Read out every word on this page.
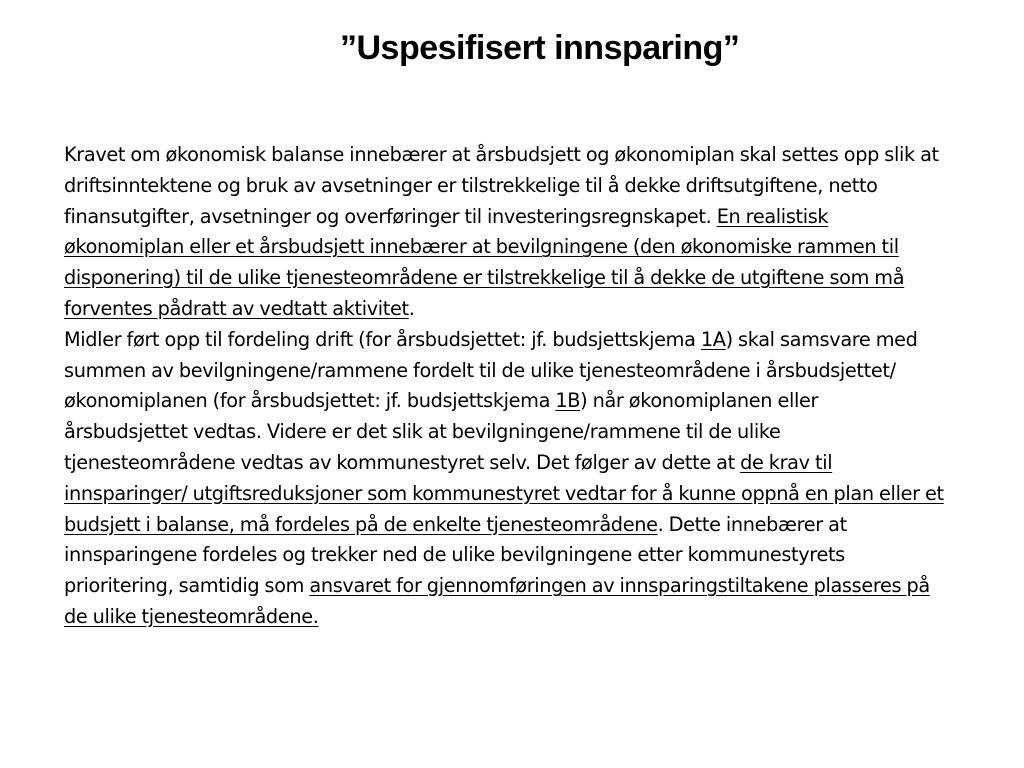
”Uspesifisert innsparing”

Kravet om økonomisk balanse innebærer at årsbudsjett og økonomiplan skal settes opp slik at driftsinntektene og bruk av avsetninger er tilstrekkelige til å dekke driftsutgiftene, netto finansutgifter, avsetninger og overføringer til investeringsregnskapet. En realistisk økonomiplan eller et årsbudsjett innebærer at bevilgningene (den økonomiske rammen til disponering) til de ulike tjenesteområdene er tilstrekkelige til å dekke de utgiftene som må forventes pådratt av vedtatt aktivitet.

Midler ført opp til fordeling drift (for årsbudsjettet: jf. budsjettskjema 1A) skal samsvare med summen av bevilgningene/rammene fordelt til de ulike tjenesteområdene i årsbudsjettet/økonomiplanen (for årsbudsjettet: jf. budsjettskjema 1B) når økonomiplanen eller årsbudsjettet vedtas. Videre er det slik at bevilgningene/rammene til de ulike tjenesteområdene vedtas av kommunestyret selv. Det følger av dette at de krav til innsparinger/ utgiftsreduksjoner som kommunestyret vedtar for å kunne oppnå en plan eller et budsjett i balanse, må fordeles på de enkelte tjenesteområdene. Dette innebærer at innsparingene fordeles og trekker ned de ulike bevilgningene etter kommunestyrets prioritering, samtidig som ansvaret for gjennomføringen av innsparingstiltakene plasseres på de ulike tjenesteområdene.
